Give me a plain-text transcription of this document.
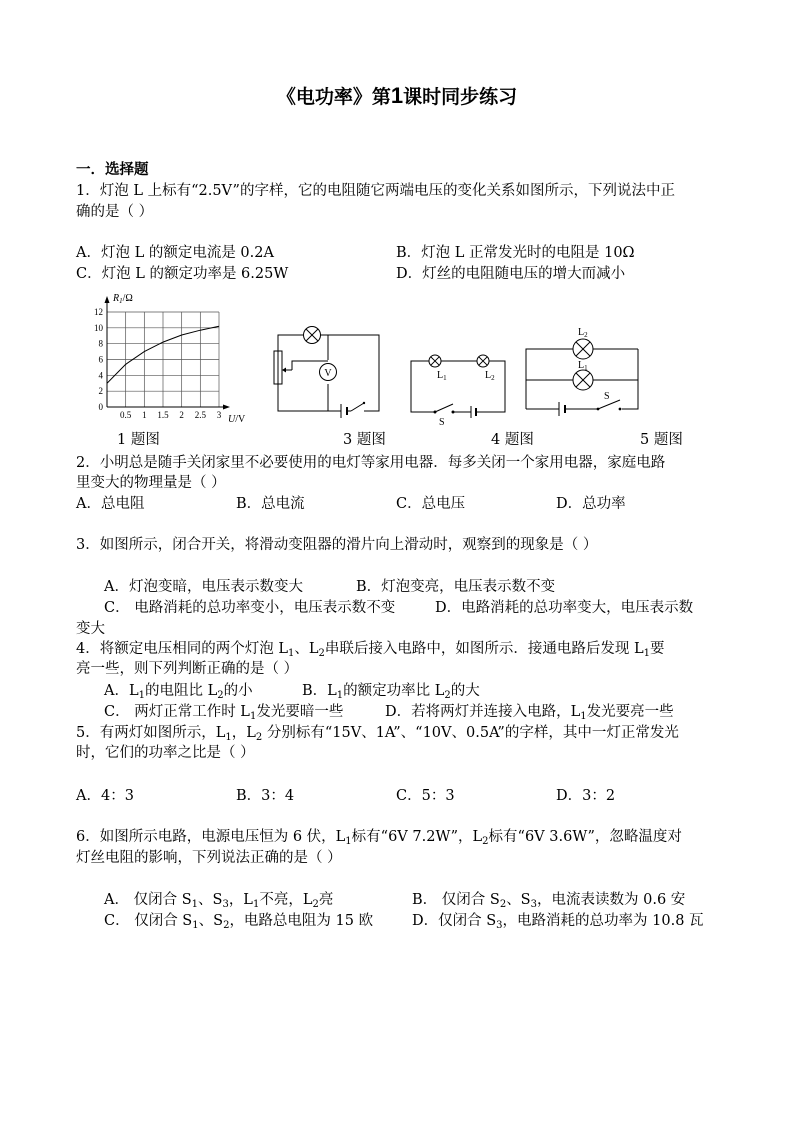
《电功率》第1课时同步练习
一．选择题
1．灯泡 L 上标有“2.5V”的字样，它的电阻随它两端电压的变化关系如图所示，下列说法中正
确的是（ ）
A．灯泡 L 的额定电流是 0.2A	B．灯泡 L 正常发光时的电阻是 10Ω
C．灯泡 L 的额定功率是 6.25W	D．灯丝的电阻随电压的增大而减小
0
2
4
6
8
10
12
0.5 1 1.5 2 2.5 3
$R_1/\Omega$
U/V
V	$L_1$	$L_2$
S
$L_2$
$L_1$
S
1 题图	3 题图	4 题图	5 题图
2．小明总是随手关闭家里不必要使用的电灯等家用电器．每多关闭一个家用电器，家庭电路
里变大的物理量是（ ）
A．总电阻	B．总电流	C．总电压	D．总功率
3．如图所示，闭合开关，将滑动变阻器的滑片向上滑动时，观察到的现象是（ ）
A．灯泡变暗，电压表示数变大	B．灯泡变亮，电压表示数不变
C． 电路消耗的总功率变小，电压表示数不变	D．电路消耗的总功率变大，电压表示数
变大
4．将额定电压相同的两个灯泡 $L_1$、$L_2$串联后接入电路中，如图所示．接通电路后发现 $L_1$要
亮一些，则下列判断正确的是（ ）
A．$L_1$的电阻比 $L_2$的小	B．$L_1$的额定功率比 $L_2$的大
C． 两灯正常工作时 $L_1$发光要暗一些	D．若将两灯并连接入电路，$L_1$发光要亮一些
5．有两灯如图所示，$L_1$，$L_2$ 分别标有“15V、1A”、“10V、0.5A”的字样，其中一灯正常发光
时，它们的功率之比是（ ）
A．4：3	B．3：4	C．5：3	D．3：2
6．如图所示电路，电源电压恒为 6 伏，$L_1$标有“6V 7.2W”，$L_2$标有“6V 3.6W”，忽略温度对
灯丝电阻的影响，下列说法正确的是（ ）
A． 仅闭合 $S_1$、$S_3$，$L_1$不亮，$L_2$亮	B． 仅闭合 $S_2$、$S_3$，电流表读数为 0.6 安
C． 仅闭合 $S_1$、$S_2$，电路总电阻为 15 欧	D．仅闭合 $S_3$，电路消耗的总功率为 10.8 瓦
